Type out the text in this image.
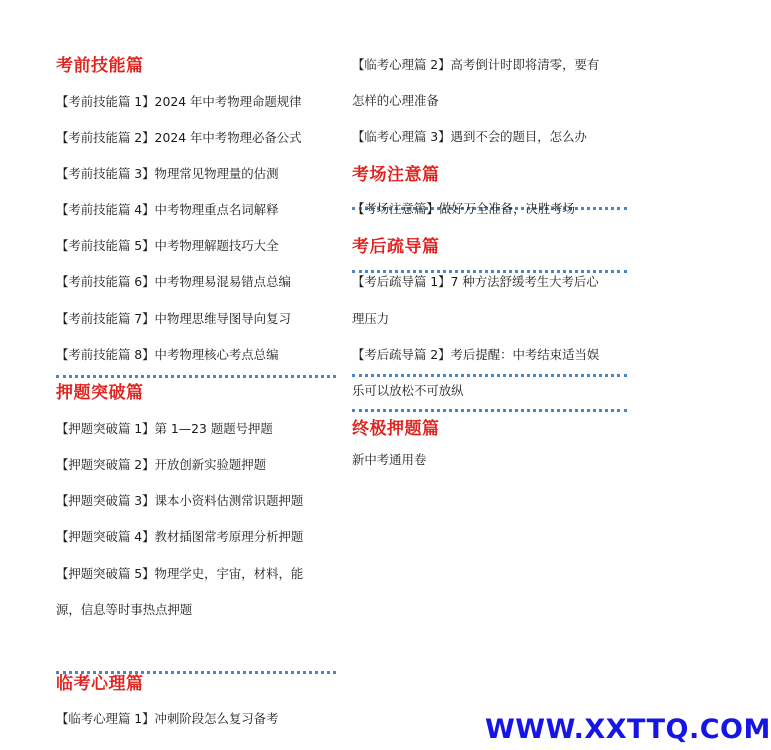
考前技能篇
【考前技能篇 1】2024 年中考物理命题规律
【考前技能篇 2】2024 年中考物理必备公式
【考前技能篇 3】物理常见物理量的估测
【考前技能篇 4】中考物理重点名词解释
【考前技能篇 5】中考物理解题技巧大全
【考前技能篇 6】中考物理易混易错点总编
【考前技能篇 7】中物理思维导图导向复习
【考前技能篇 8】中考物理核心考点总编
押题突破篇
【押题突破篇 1】第 1—23 题题号押题
【押题突破篇 2】开放创新实验题押题
【押题突破篇 3】课本小资料估测常识题押题
【押题突破篇 4】教材插图常考原理分析押题
【押题突破篇 5】物理学史，宇宙，材料，能
源，信息等时事热点押题
临考心理篇
【临考心理篇 1】冲刺阶段怎么复习备考
【临考心理篇 2】高考倒计时即将清零，要有
怎样的心理准备
【临考心理篇 3】遇到不会的题目，怎么办
考场注意篇
【考场注意篇】做好万全准备，决胜考场
考后疏导篇
【考后疏导篇 1】7 种方法舒缓考生大考后心
理压力
【考后疏导篇 2】考后提醒：中考结束适当娱
乐可以放松不可放纵
终极押题篇
新中考通用卷
WWW.XXTTQ.COM
